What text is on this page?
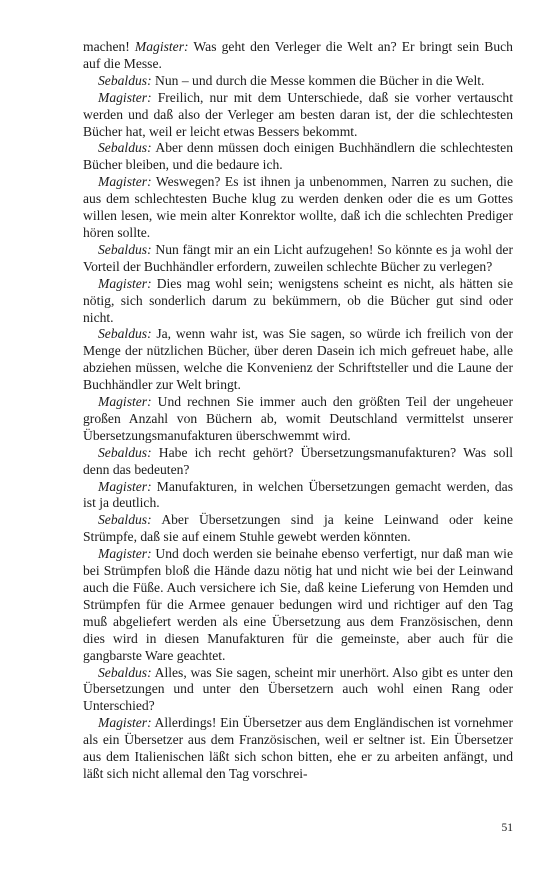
machen! Magister: Was geht den Verleger die Welt an? Er bringt sein Buch auf die Messe.

Sebaldus: Nun – und durch die Messe kommen die Bücher in die Welt.

Magister: Freilich, nur mit dem Unterschiede, daß sie vorher vertauscht werden und daß also der Verleger am besten daran ist, der die schlechtesten Bücher hat, weil er leicht etwas Bessers bekommt.

Sebaldus: Aber denn müssen doch einigen Buchhändlern die schlechtesten Bücher bleiben, und die bedaure ich.

Magister: Weswegen? Es ist ihnen ja unbenommen, Narren zu suchen, die aus dem schlechtesten Buche klug zu werden denken oder die es um Gottes willen lesen, wie mein alter Konrektor wollte, daß ich die schlechten Prediger hören sollte.

Sebaldus: Nun fängt mir an ein Licht aufzugehen! So könnte es ja wohl der Vorteil der Buchhändler erfordern, zuweilen schlechte Bücher zu verlegen?

Magister: Dies mag wohl sein; wenigstens scheint es nicht, als hätten sie nötig, sich sonderlich darum zu bekümmern, ob die Bücher gut sind oder nicht.

Sebaldus: Ja, wenn wahr ist, was Sie sagen, so würde ich freilich von der Menge der nützlichen Bücher, über deren Dasein ich mich gefreuet habe, alle abziehen müssen, welche die Konvenienz der Schriftsteller und die Laune der Buchhändler zur Welt bringt.

Magister: Und rechnen Sie immer auch den größten Teil der ungeheuer großen Anzahl von Büchern ab, womit Deutschland vermittelst unserer Übersetzungsmanufakturen überschwemmt wird.

Sebaldus: Habe ich recht gehört? Übersetzungsmanufakturen? Was soll denn das bedeuten?

Magister: Manufakturen, in welchen Übersetzungen gemacht werden, das ist ja deutlich.

Sebaldus: Aber Übersetzungen sind ja keine Leinwand oder keine Strümpfe, daß sie auf einem Stuhle gewebt werden könnten.

Magister: Und doch werden sie beinahe ebenso verfertigt, nur daß man wie bei Strümpfen bloß die Hände dazu nötig hat und nicht wie bei der Leinwand auch die Füße. Auch versichere ich Sie, daß keine Lieferung von Hemden und Strümpfen für die Armee genauer bedungen wird und richtiger auf den Tag muß abgeliefert werden als eine Übersetzung aus dem Französischen, denn dies wird in diesen Manufakturen für die gemeinste, aber auch für die gangbarste Ware geachtet.

Sebaldus: Alles, was Sie sagen, scheint mir unerhört. Also gibt es unter den Übersetzungen und unter den Übersetzern auch wohl einen Rang oder Unterschied?

Magister: Allerdings! Ein Übersetzer aus dem Engländischen ist vornehmer als ein Übersetzer aus dem Französischen, weil er seltner ist. Ein Übersetzer aus dem Italienischen läßt sich schon bitten, ehe er zu arbeiten anfängt, und läßt sich nicht allemal den Tag vorschrei-

51
